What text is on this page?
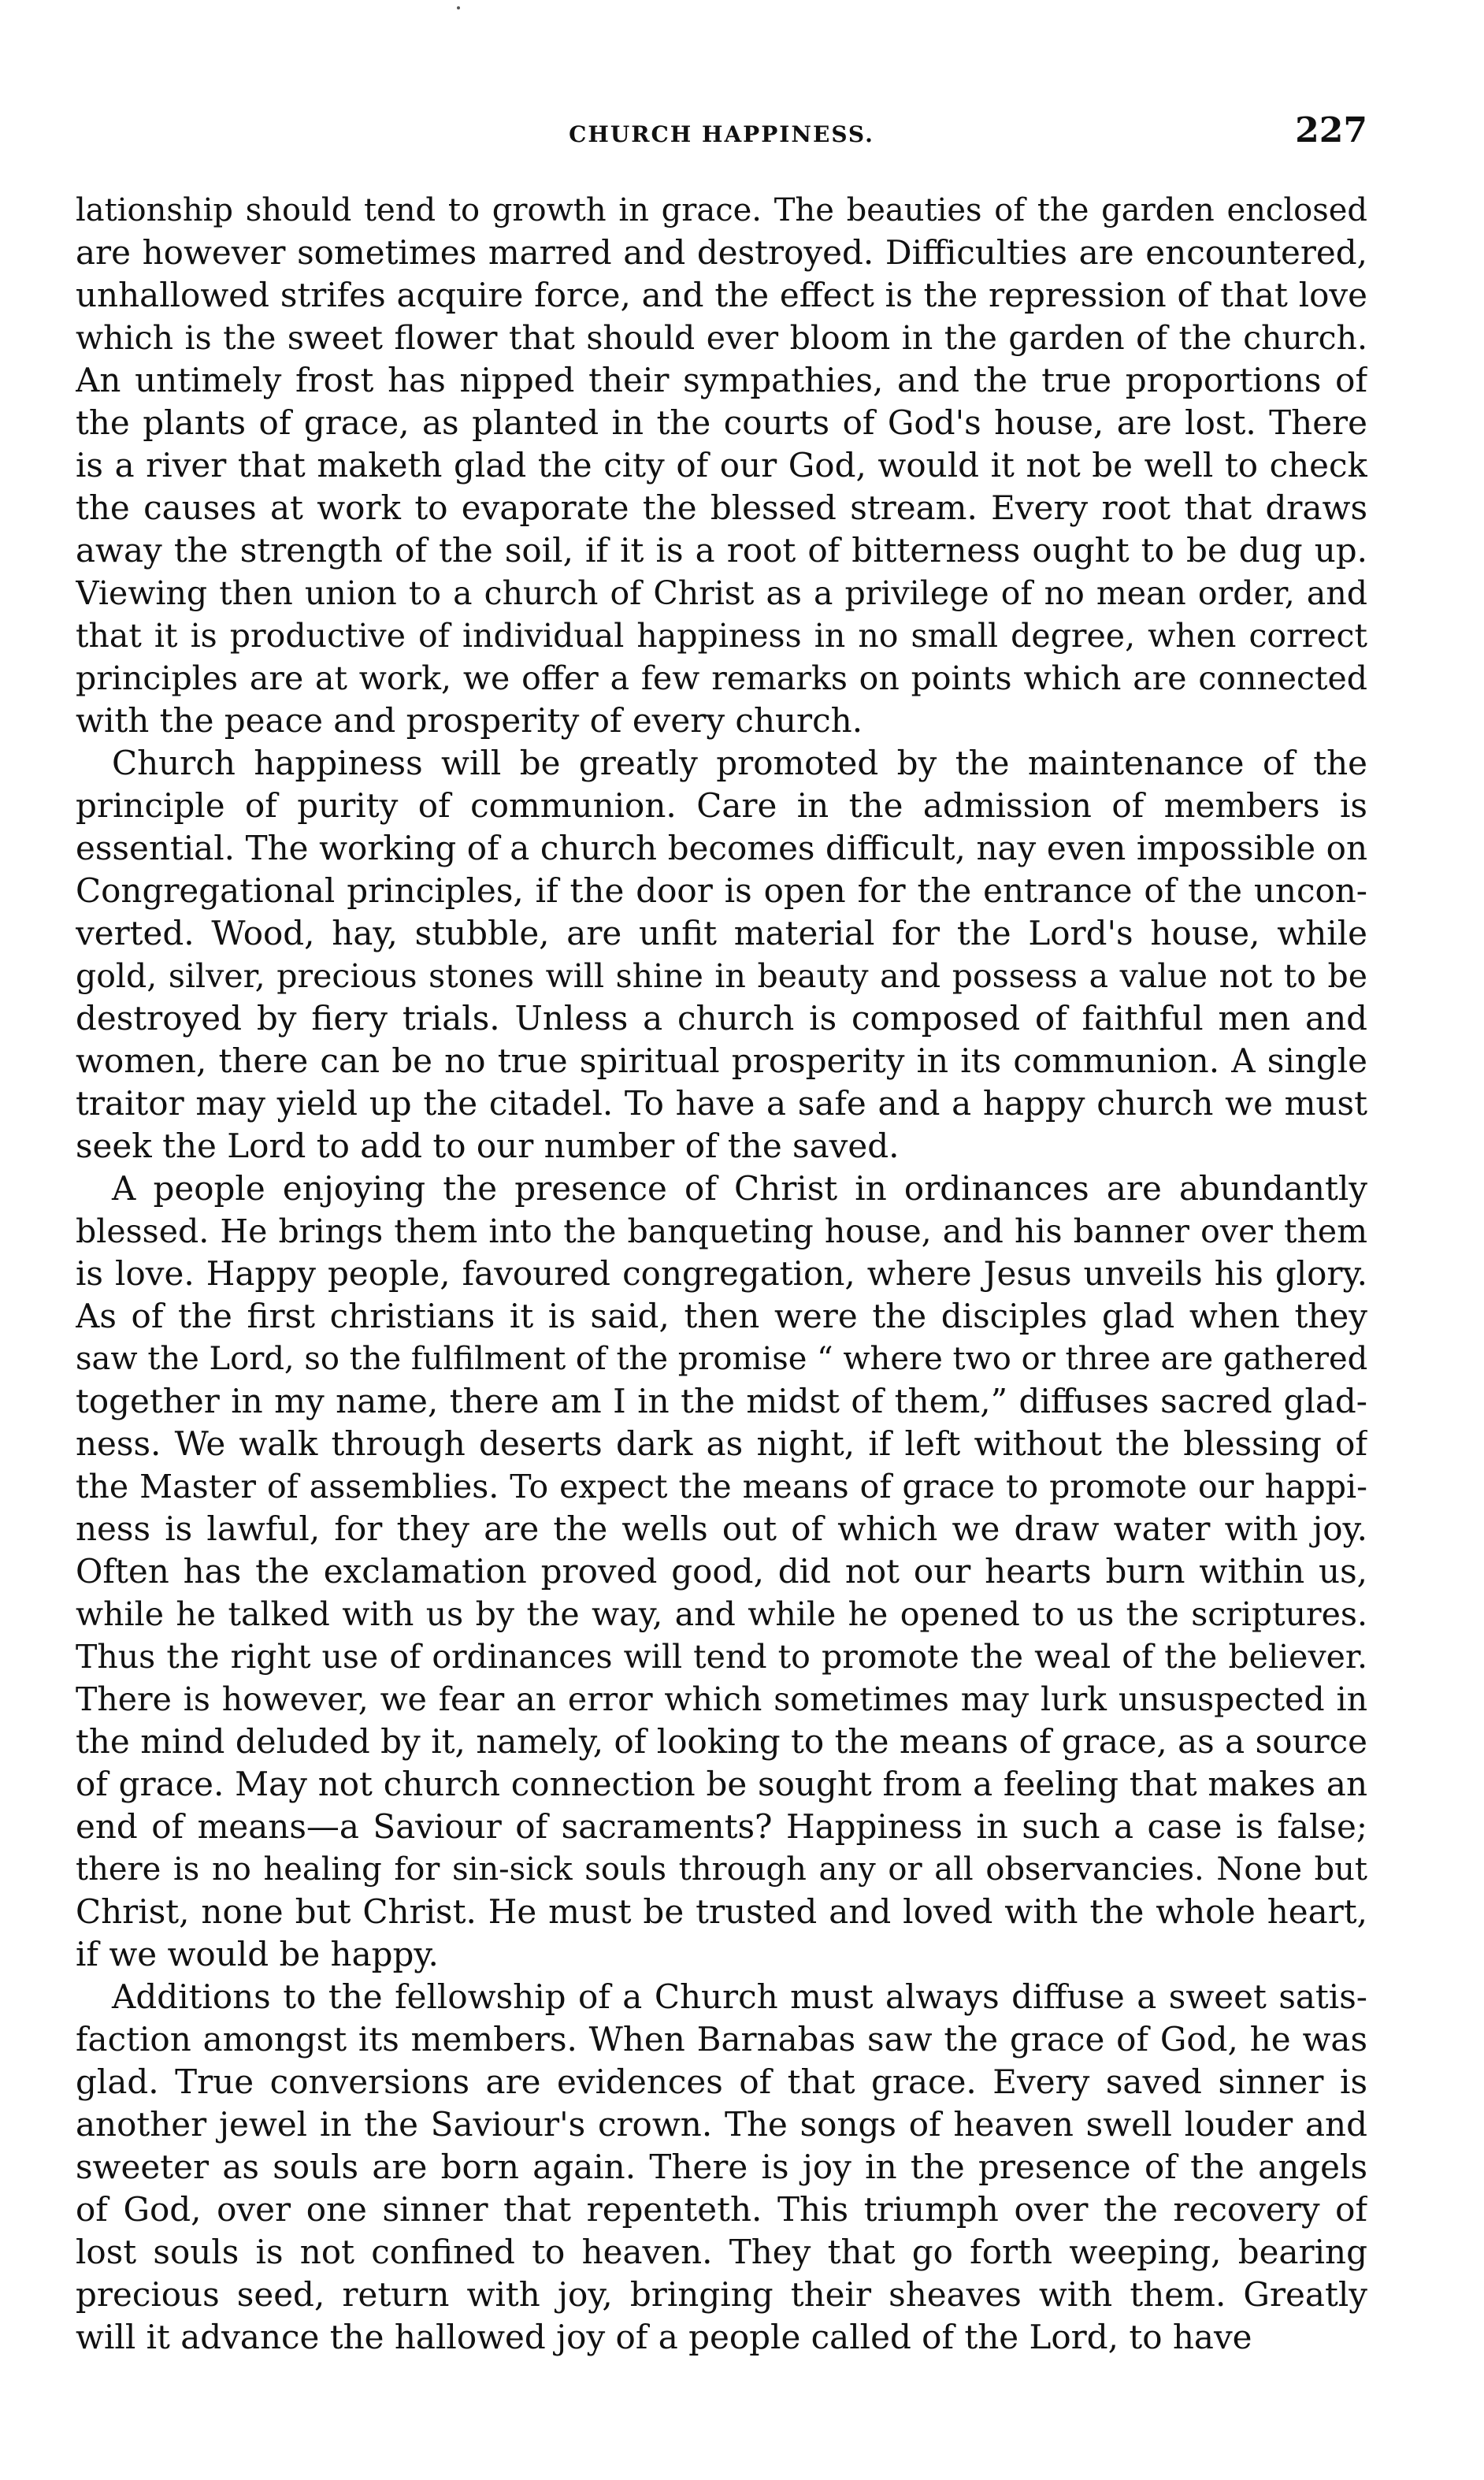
CHURCH HAPPINESS.	227
lationship should tend to growth in grace. The beauties of the garden enclosed
are however sometimes marred and destroyed. Difficulties are encountered,
unhallowed strifes acquire force, and the effect is the repression of that love
which is the sweet flower that should ever bloom in the garden of the church.
An untimely frost has nipped their sympathies, and the true proportions of
the plants of grace, as planted in the courts of God's house, are lost. There
is a river that maketh glad the city of our God, would it not be well to check
the causes at work to evaporate the blessed stream. Every root that draws
away the strength of the soil, if it is a root of bitterness ought to be dug up.
Viewing then union to a church of Christ as a privilege of no mean order, and
that it is productive of individual happiness in no small degree, when correct
principles are at work, we offer a few remarks on points which are connected
with the peace and prosperity of every church.
Church happiness will be greatly promoted by the maintenance of the
principle of purity of communion. Care in the admission of members is
essential. The working of a church becomes difficult, nay even impossible on
Congregational principles, if the door is open for the entrance of the uncon-
verted. Wood, hay, stubble, are unfit material for the Lord's house, while
gold, silver, precious stones will shine in beauty and possess a value not to be
destroyed by fiery trials. Unless a church is composed of faithful men and
women, there can be no true spiritual prosperity in its communion. A single
traitor may yield up the citadel. To have a safe and a happy church we must
seek the Lord to add to our number of the saved.
A people enjoying the presence of Christ in ordinances are abundantly
blessed. He brings them into the banqueting house, and his banner over them
is love. Happy people, favoured congregation, where Jesus unveils his glory.
As of the first christians it is said, then were the disciples glad when they
saw the Lord, so the fulfilment of the promise “ where two or three are gathered
together in my name, there am I in the midst of them,” diffuses sacred glad-
ness. We walk through deserts dark as night, if left without the blessing of
the Master of assemblies. To expect the means of grace to promote our happi-
ness is lawful, for they are the wells out of which we draw water with joy.
Often has the exclamation proved good, did not our hearts burn within us,
while he talked with us by the way, and while he opened to us the scriptures.
Thus the right use of ordinances will tend to promote the weal of the believer.
There is however, we fear an error which sometimes may lurk unsuspected in
the mind deluded by it, namely, of looking to the means of grace, as a source
of grace. May not church connection be sought from a feeling that makes an
end of means—a Saviour of sacraments? Happiness in such a case is false;
there is no healing for sin-sick souls through any or all observancies. None but
Christ, none but Christ. He must be trusted and loved with the whole heart,
if we would be happy.
Additions to the fellowship of a Church must always diffuse a sweet satis-
faction amongst its members. When Barnabas saw the grace of God, he was
glad. True conversions are evidences of that grace. Every saved sinner is
another jewel in the Saviour's crown. The songs of heaven swell louder and
sweeter as souls are born again. There is joy in the presence of the angels
of God, over one sinner that repenteth. This triumph over the recovery of
lost souls is not confined to heaven. They that go forth weeping, bearing
precious seed, return with joy, bringing their sheaves with them. Greatly
will it advance the hallowed joy of a people called of the Lord, to have
